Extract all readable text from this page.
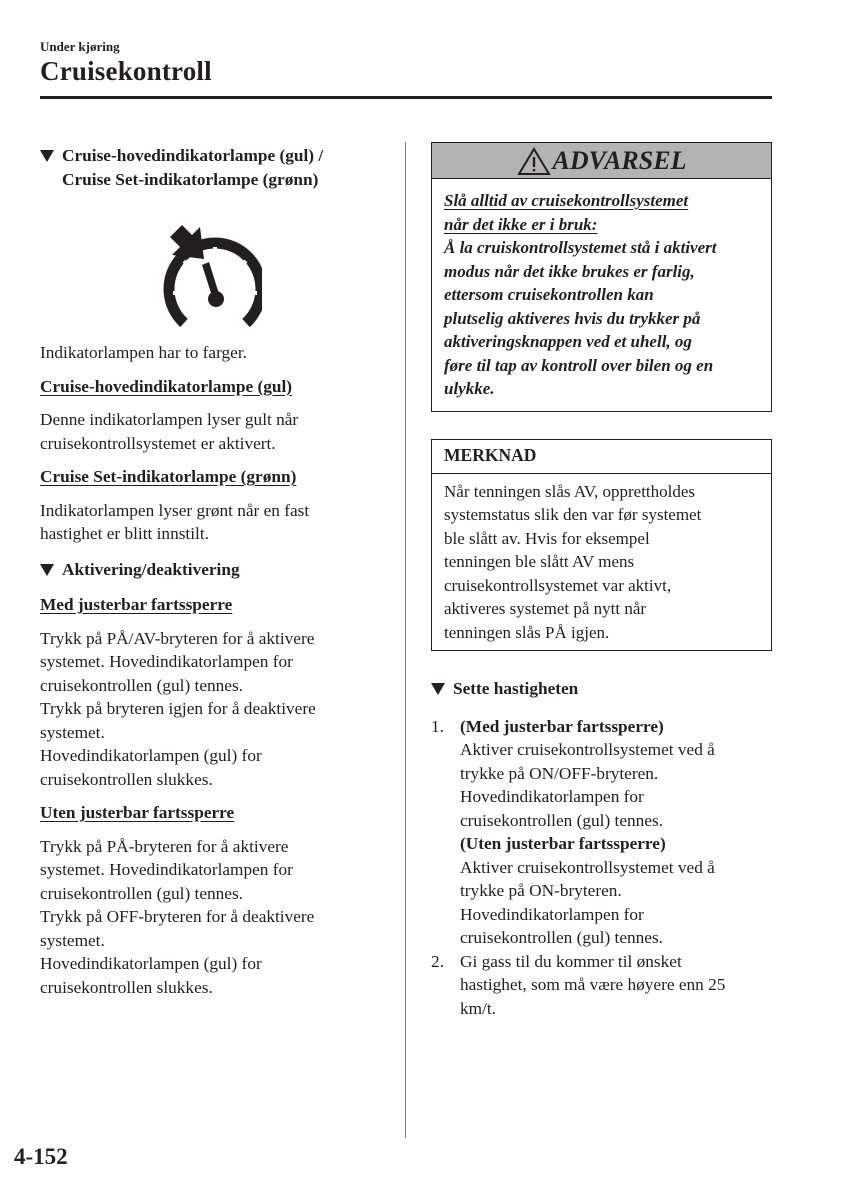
Under kjøring
Cruisekontroll
Cruise-hovedindikatorlampe (gul) /
Cruise Set-indikatorlampe (grønn)

Indikatorlampen har to farger.

Cruise-hovedindikatorlampe (gul)

Denne indikatorlampen lyser gult når
cruisekontrollsystemet er aktivert.

Cruise Set-indikatorlampe (grønn)

Indikatorlampen lyser grønt når en fast
hastighet er blitt innstilt.

Aktivering/deaktivering
Med justerbar fartssperre

Trykk på PÅ/AV-bryteren for å aktivere
systemet. Hovedindikatorlampen for
cruisekontrollen (gul) tennes.
Trykk på bryteren igjen for å deaktivere
systemet.
Hovedindikatorlampen (gul) for
cruisekontrollen slukkes.

Uten justerbar fartssperre

Trykk på PÅ-bryteren for å aktivere
systemet. Hovedindikatorlampen for
cruisekontrollen (gul) tennes.
Trykk på OFF-bryteren for å deaktivere
systemet.
Hovedindikatorlampen (gul) for
cruisekontrollen slukkes.

ADVARSEL
Slå alltid av cruisekontrollsystemet
når det ikke er i bruk:
Å la cruiskontrollsystemet stå i aktivert
modus når det ikke brukes er farlig,
ettersom cruisekontrollen kan
plutselig aktiveres hvis du trykker på
aktiveringsknappen ved et uhell, og
føre til tap av kontroll over bilen og en
ulykke.
MERKNAD
Når tenningen slås AV, opprettholdes
systemstatus slik den var før systemet
ble slått av. Hvis for eksempel
tenningen ble slått AV mens
cruisekontrollsystemet var aktivt,
aktiveres systemet på nytt når
tenningen slås PÅ igjen.
Sette hastigheten
1. (Med justerbar fartssperre)
Aktiver cruisekontrollsystemet ved å
trykke på ON/OFF-bryteren.
Hovedindikatorlampen for
cruisekontrollen (gul) tennes.
(Uten justerbar fartssperre)
Aktiver cruisekontrollsystemet ved å
trykke på ON-bryteren.
Hovedindikatorlampen for
cruisekontrollen (gul) tennes.
2. Gi gass til du kommer til ønsket
hastighet, som må være høyere enn 25
km/t.
4-152
